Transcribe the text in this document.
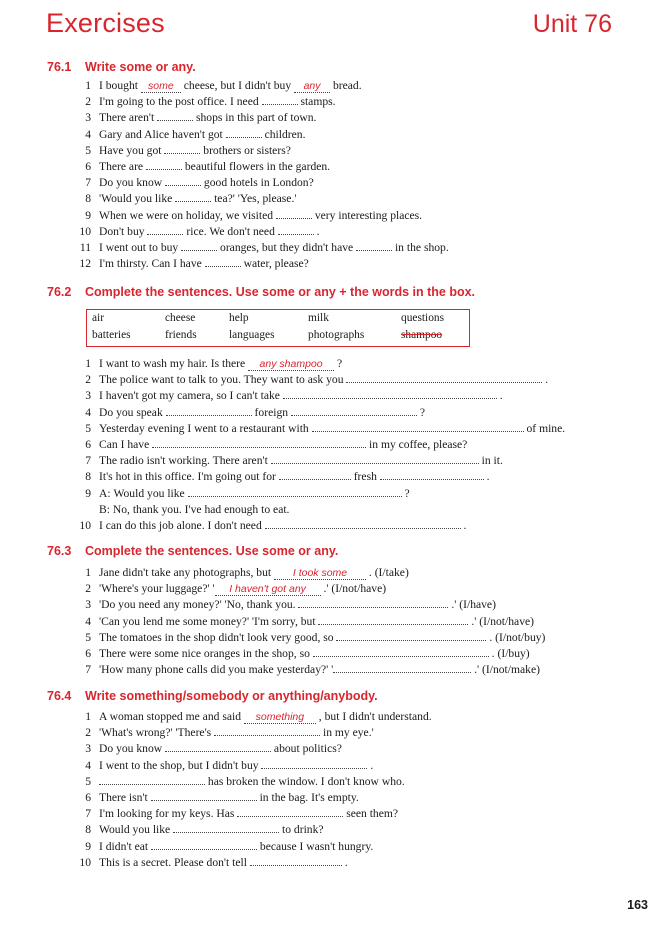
Exercises	Unit 76
76.1 Write some or any.
1 I bought some cheese, but I didn't buy any bread.
2 I'm going to the post office. I need	stamps.
3 There aren't	shops in this part of town.
4 Gary and Alice haven't got	children.
5 Have you got	brothers or sisters?
6 There are	beautiful flowers in the garden.
7 Do you know	good hotels in London?
8 'Would you like	tea?' 'Yes, please.'
9 When we were on holiday, we visited	very interesting places.
10 Don't buy	rice. We don't need	.
11 I went out to buy	oranges, but they didn't have	in the shop.
12 I'm thirsty. Can I have	water, please?
76.2 Complete the sentences. Use some or any + the words in the box.
air	cheese	help	milk	questions
batteries	friends	languages	photographs	shampoo
1 I want to wash my hair. Is there any shampoo ?
2 The police want to talk to you. They want to ask you	.
3 I haven't got my camera, so I can't take	.
4 Do you speak	foreign	?
5 Yesterday evening I went to a restaurant with	of mine.
6 Can I have	in my coffee, please?
7 The radio isn't working. There aren't	in it.
8 It's hot in this office. I'm going out for	fresh	.
9 A: Would you like	?
B: No, thank you. I've had enough to eat.
10 I can do this job alone. I don't need	.
76.3 Complete the sentences. Use some or any.
1 Jane didn't take any photographs, but I took some . (I/take)
2 'Where's your luggage?' ' I haven't got any .' (I/not/have)
3 'Do you need any money?' 'No, thank you.	.' (I/have)
4 'Can you lend me some money?' 'I'm sorry, but	.' (I/not/have)
5 The tomatoes in the shop didn't look very good, so	. (I/not/buy)
6 There were some nice oranges in the shop, so	. (I/buy)
7 'How many phone calls did you make yesterday?' '	.' (I/not/make)
76.4 Write something/somebody or anything/anybody.
1 A woman stopped me and said something , but I didn't understand.
2 'What's wrong?' 'There's	in my eye.'
3 Do you know	about politics?
4 I went to the shop, but I didn't buy	.
5	has broken the window. I don't know who.
6 There isn't	in the bag. It's empty.
7 I'm looking for my keys. Has	seen them?
8 Would you like	to drink?
9 I didn't eat	because I wasn't hungry.
10 This is a secret. Please don't tell	.
163
